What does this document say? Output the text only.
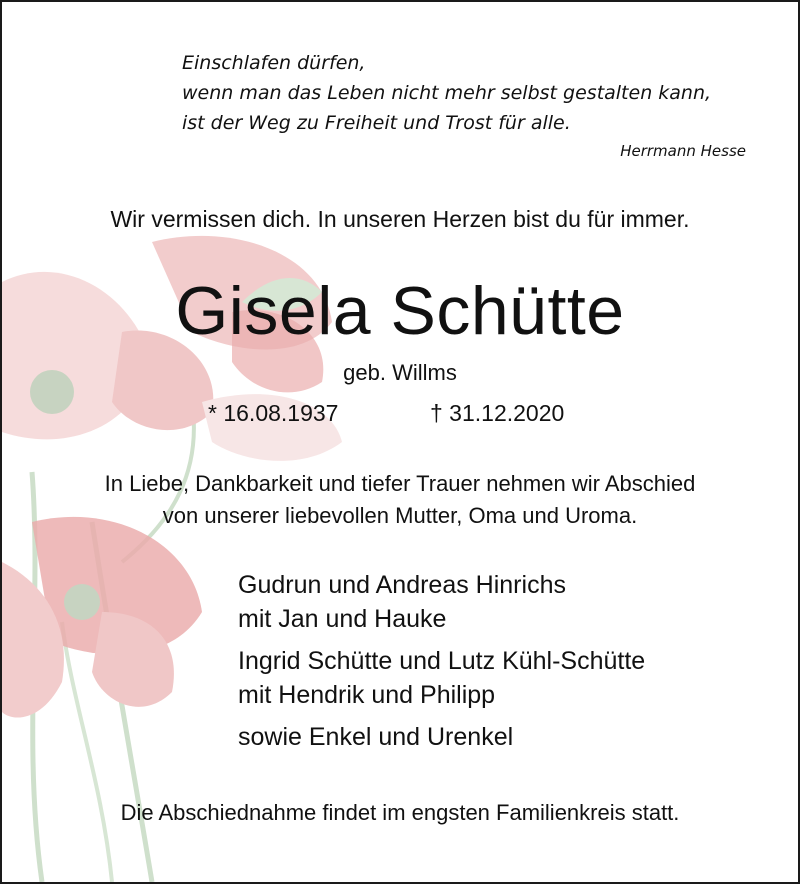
Einschlafen dürfen,

wenn man das Leben nicht mehr selbst gestalten kann,

ist der Weg zu Freiheit und Trost für alle.

Herrmann Hesse
Wir vermissen dich. In unseren Herzen bist du für immer.
Gisela Schütte
geb. Willms
* 16.08.1937	† 31.12.2020

In Liebe, Dankbarkeit und tiefer Trauer nehmen wir Abschied

von unserer liebevollen Mutter, Oma und Uroma.

Gudrun und Andreas Hinrichs
mit Jan und Hauke
Ingrid Schütte und Lutz Kühl-Schütte
mit Hendrik und Philipp
sowie Enkel und Urenkel
Die Abschiednahme findet im engsten Familienkreis statt.
